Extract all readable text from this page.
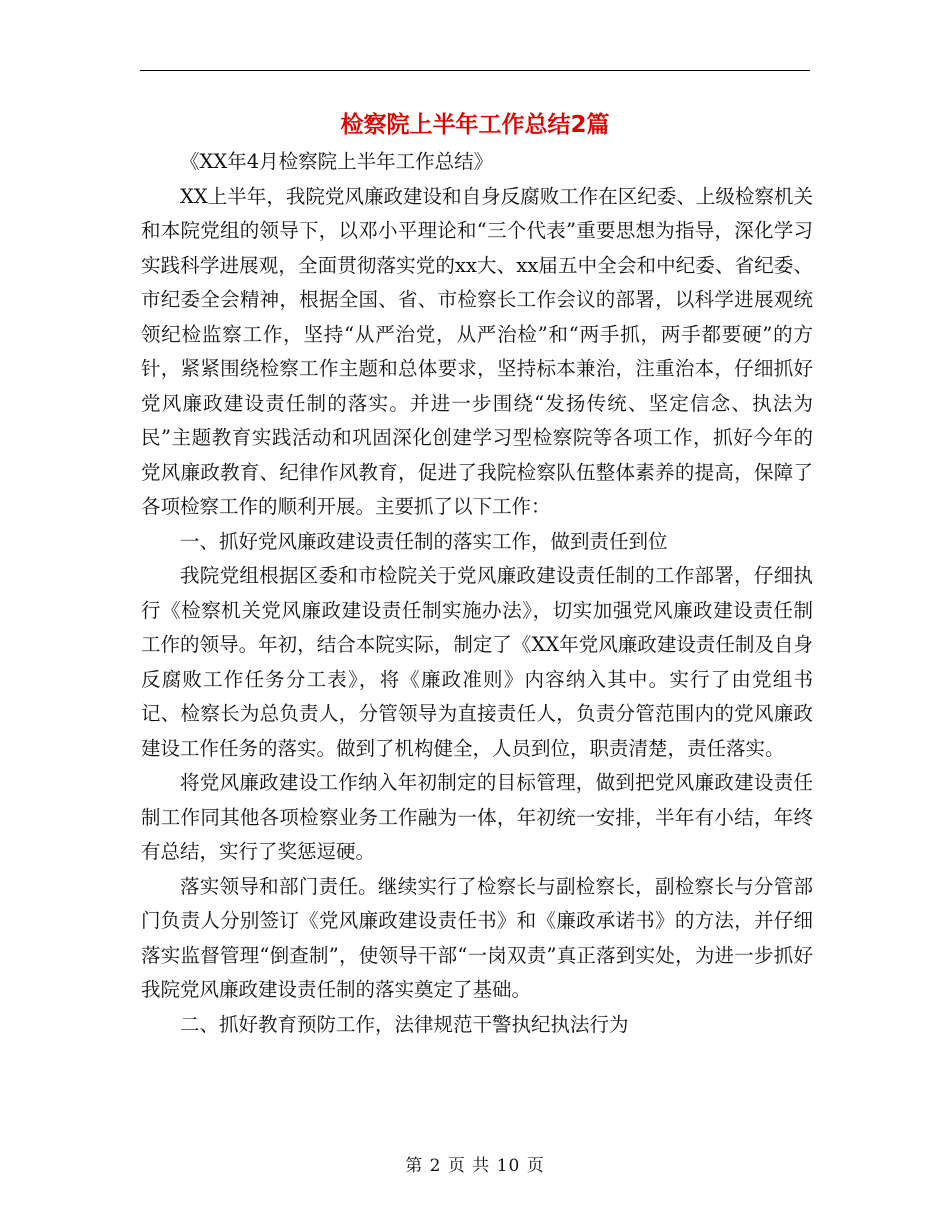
检察院上半年工作总结2篇

《XX年4月检察院上半年工作总结》

XX上半年，我院党风廉政建设和自身反腐败工作在区纪委、上级检察机关和本院党组的领导下，以邓小平理论和“三个代表”重要思想为指导，深化学习实践科学进展观，全面贯彻落实党的xx大、xx届五中全会和中纪委、省纪委、市纪委全会精神，根据全国、省、市检察长工作会议的部署，以科学进展观统领纪检监察工作，坚持“从严治党，从严治检”和“两手抓，两手都要硬”的方针，紧紧围绕检察工作主题和总体要求，坚持标本兼治，注重治本，仔细抓好党风廉政建设责任制的落实。并进一步围绕“发扬传统、坚定信念、执法为民”主题教育实践活动和巩固深化创建学习型检察院等各项工作，抓好今年的党风廉政教育、纪律作风教育，促进了我院检察队伍整体素养的提高，保障了各项检察工作的顺利开展。主要抓了以下工作：

一、抓好党风廉政建设责任制的落实工作，做到责任到位

我院党组根据区委和市检院关于党风廉政建设责任制的工作部署，仔细执行《检察机关党风廉政建设责任制实施办法》，切实加强党风廉政建设责任制工作的领导。年初，结合本院实际，制定了《XX年党风廉政建设责任制及自身反腐败工作任务分工表》，将《廉政准则》内容纳入其中。实行了由党组书记、检察长为总负责人，分管领导为直接责任人，负责分管范围内的党风廉政建设工作任务的落实。做到了机构健全，人员到位，职责清楚，责任落实。

将党风廉政建设工作纳入年初制定的目标管理，做到把党风廉政建设责任制工作同其他各项检察业务工作融为一体，年初统一安排，半年有小结，年终有总结，实行了奖惩逗硬。

落实领导和部门责任。继续实行了检察长与副检察长，副检察长与分管部门负责人分别签订《党风廉政建设责任书》和《廉政承诺书》的方法，并仔细落实监督管理“倒查制”，使领导干部“一岗双责”真正落到实处，为进一步抓好我院党风廉政建设责任制的落实奠定了基础。

二、抓好教育预防工作，法律规范干警执纪执法行为

第 2 页 共 10 页
